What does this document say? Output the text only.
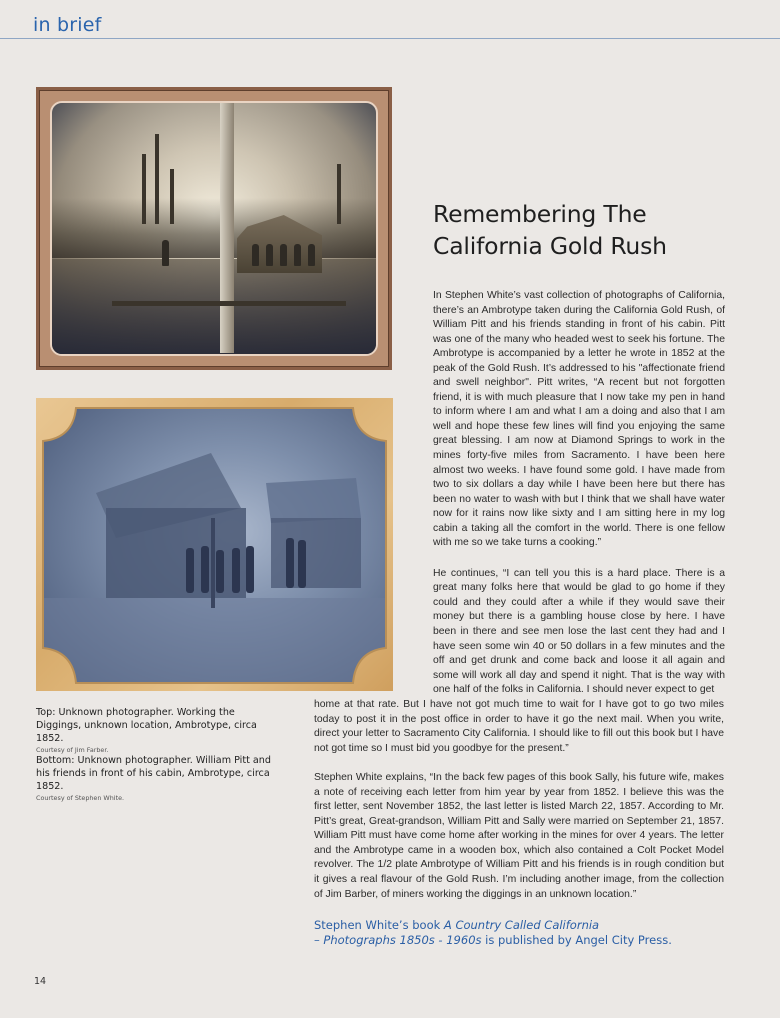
in brief
Remembering The
California Gold Rush

In Stephen White’s vast collection of photographs of California, there’s an Ambrotype taken during the California Gold Rush, of William Pitt and his friends standing in front of his cabin. Pitt was one of the many who headed west to seek his fortune. The Ambrotype is accompanied by a letter he wrote in 1852 at the peak of the Gold Rush. It’s addressed to his "affectionate friend and swell neighbor". Pitt writes, “A recent but not forgotten friend, it is with much pleasure that I now take my pen in hand to inform where I am and what I am a doing and also that I am well and hope these few lines will find you enjoying the same great blessing. I am now at Diamond Springs to work in the mines forty-five miles from Sacramento. I have been here almost two weeks. I have found some gold. I have made from two to six dollars a day while I have been here but there has been no water to wash with but I think that we shall have water now for it rains now like sixty and I am sitting here in my log cabin a taking all the comfort in the world. There is one fellow with me so we take turns a cooking.”

He continues, “I can tell you this is a hard place. There is a great many folks here that would be glad to go home if they could and they could after a while if they would save their money but there is a gambling house close by here. I have been in there and see men lose the last cent they had and I have seen some win 40 or 50 dollars in a few minutes and the off and get drunk and come back and loose it all again and some will work all day and spend it night. That is the way with one half of the folks in California. I should never expect to get

home at that rate. But I have not got much time to wait for I have got to go two miles today to post it in the post office in order to have it go the next mail. When you write, direct your letter to Sacramento City California. I should like to fill out this book but I have not got time so I must bid you goodbye for the present.”

Stephen White explains, “In the back few pages of this book Sally, his future wife, makes a note of receiving each letter from him year by year from 1852. I believe this was the first letter, sent November 1852, the last letter is listed March 22, 1857. According to Mr. Pitt’s great, Great-grandson, William Pitt and Sally were married on September 21, 1857. William Pitt must have come home after working in the mines for over 4 years. The letter and the Ambrotype came in a wooden box, which also contained a Colt Pocket Model revolver. The 1/2 plate Ambrotype of William Pitt and his friends is in rough condition but it gives a real flavour of the Gold Rush. I’m including another image, from the collection of Jim Barber, of miners working the diggings in an unknown location.”

Top: Unknown photographer. Working the Diggings, unknown location, Ambrotype, circa 1852.

Courtesy of Jim Farber.

Bottom: Unknown photographer. William Pitt and his friends in front of his cabin, Ambrotype, circa 1852.

Courtesy of Stephen White.

Stephen White’s book A Country Called California
– Photographs 1850s - 1960s is published by Angel City Press.

14
